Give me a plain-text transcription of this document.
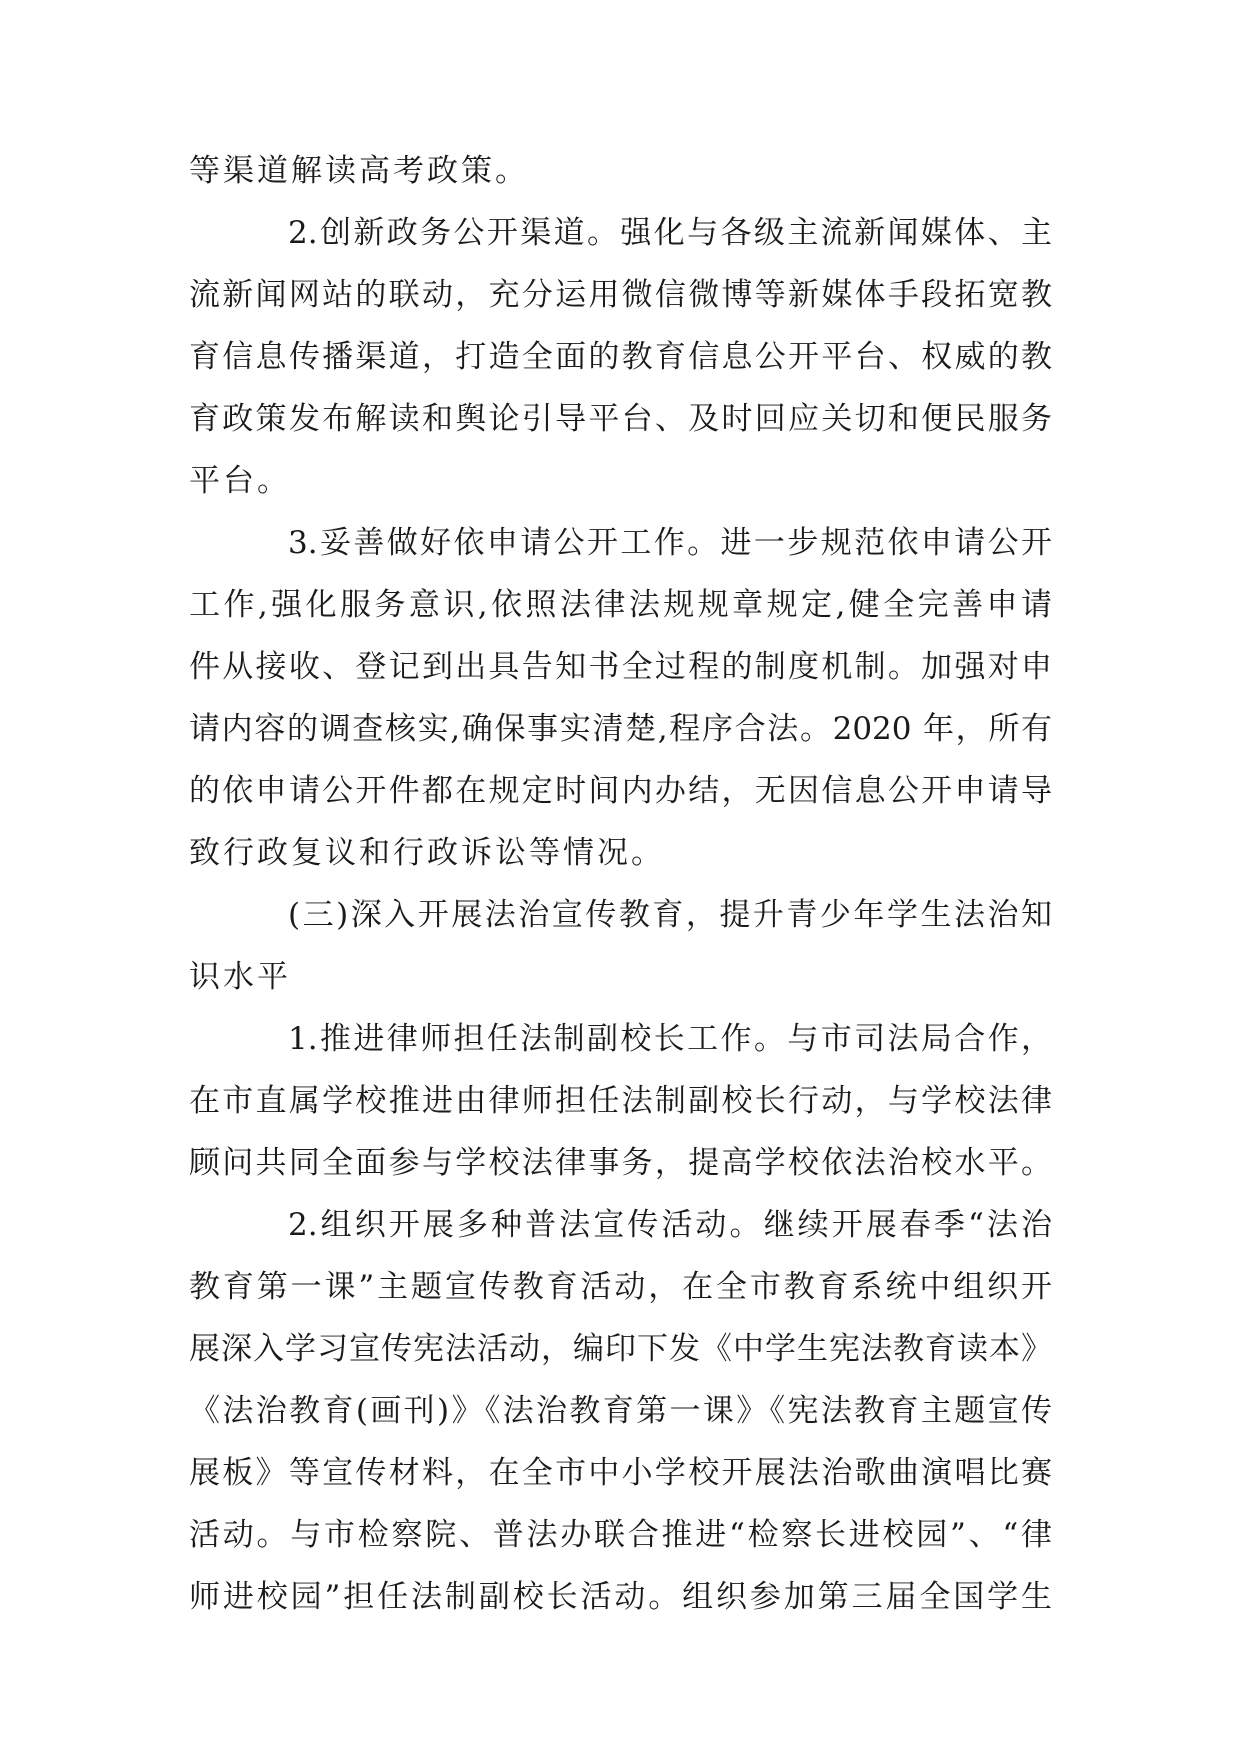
等渠道解读高考政策。
2.创新政务公开渠道。强化与各级主流新闻媒体、主
流新闻网站的联动，充分运用微信微博等新媒体手段拓宽教
育信息传播渠道，打造全面的教育信息公开平台、权威的教
育政策发布解读和舆论引导平台、及时回应关切和便民服务
平台。
3.妥善做好依申请公开工作。进一步规范依申请公开
工作,强化服务意识,依照法律法规规章规定,健全完善申请
件从接收、登记到出具告知书全过程的制度机制。加强对申
请内容的调查核实,确保事实清楚,程序合法。2020 年，所有
的依申请公开件都在规定时间内办结，无因信息公开申请导
致行政复议和行政诉讼等情况。
(三)深入开展法治宣传教育，提升青少年学生法治知
识水平
1.推进律师担任法制副校长工作。与市司法局合作，
在市直属学校推进由律师担任法制副校长行动，与学校法律
顾问共同全面参与学校法律事务，提高学校依法治校水平。
2.组织开展多种普法宣传活动。继续开展春季“法治
教育第一课”主题宣传教育活动，在全市教育系统中组织开
展深入学习宣传宪法活动，编印下发《中学生宪法教育读本》
《法治教育(画刊)》《法治教育第一课》《宪法教育主题宣传
展板》等宣传材料，在全市中小学校开展法治歌曲演唱比赛
活动。与市检察院、普法办联合推进“检察长进校园”、“律
师进校园”担任法制副校长活动。组织参加第三届全国学生
